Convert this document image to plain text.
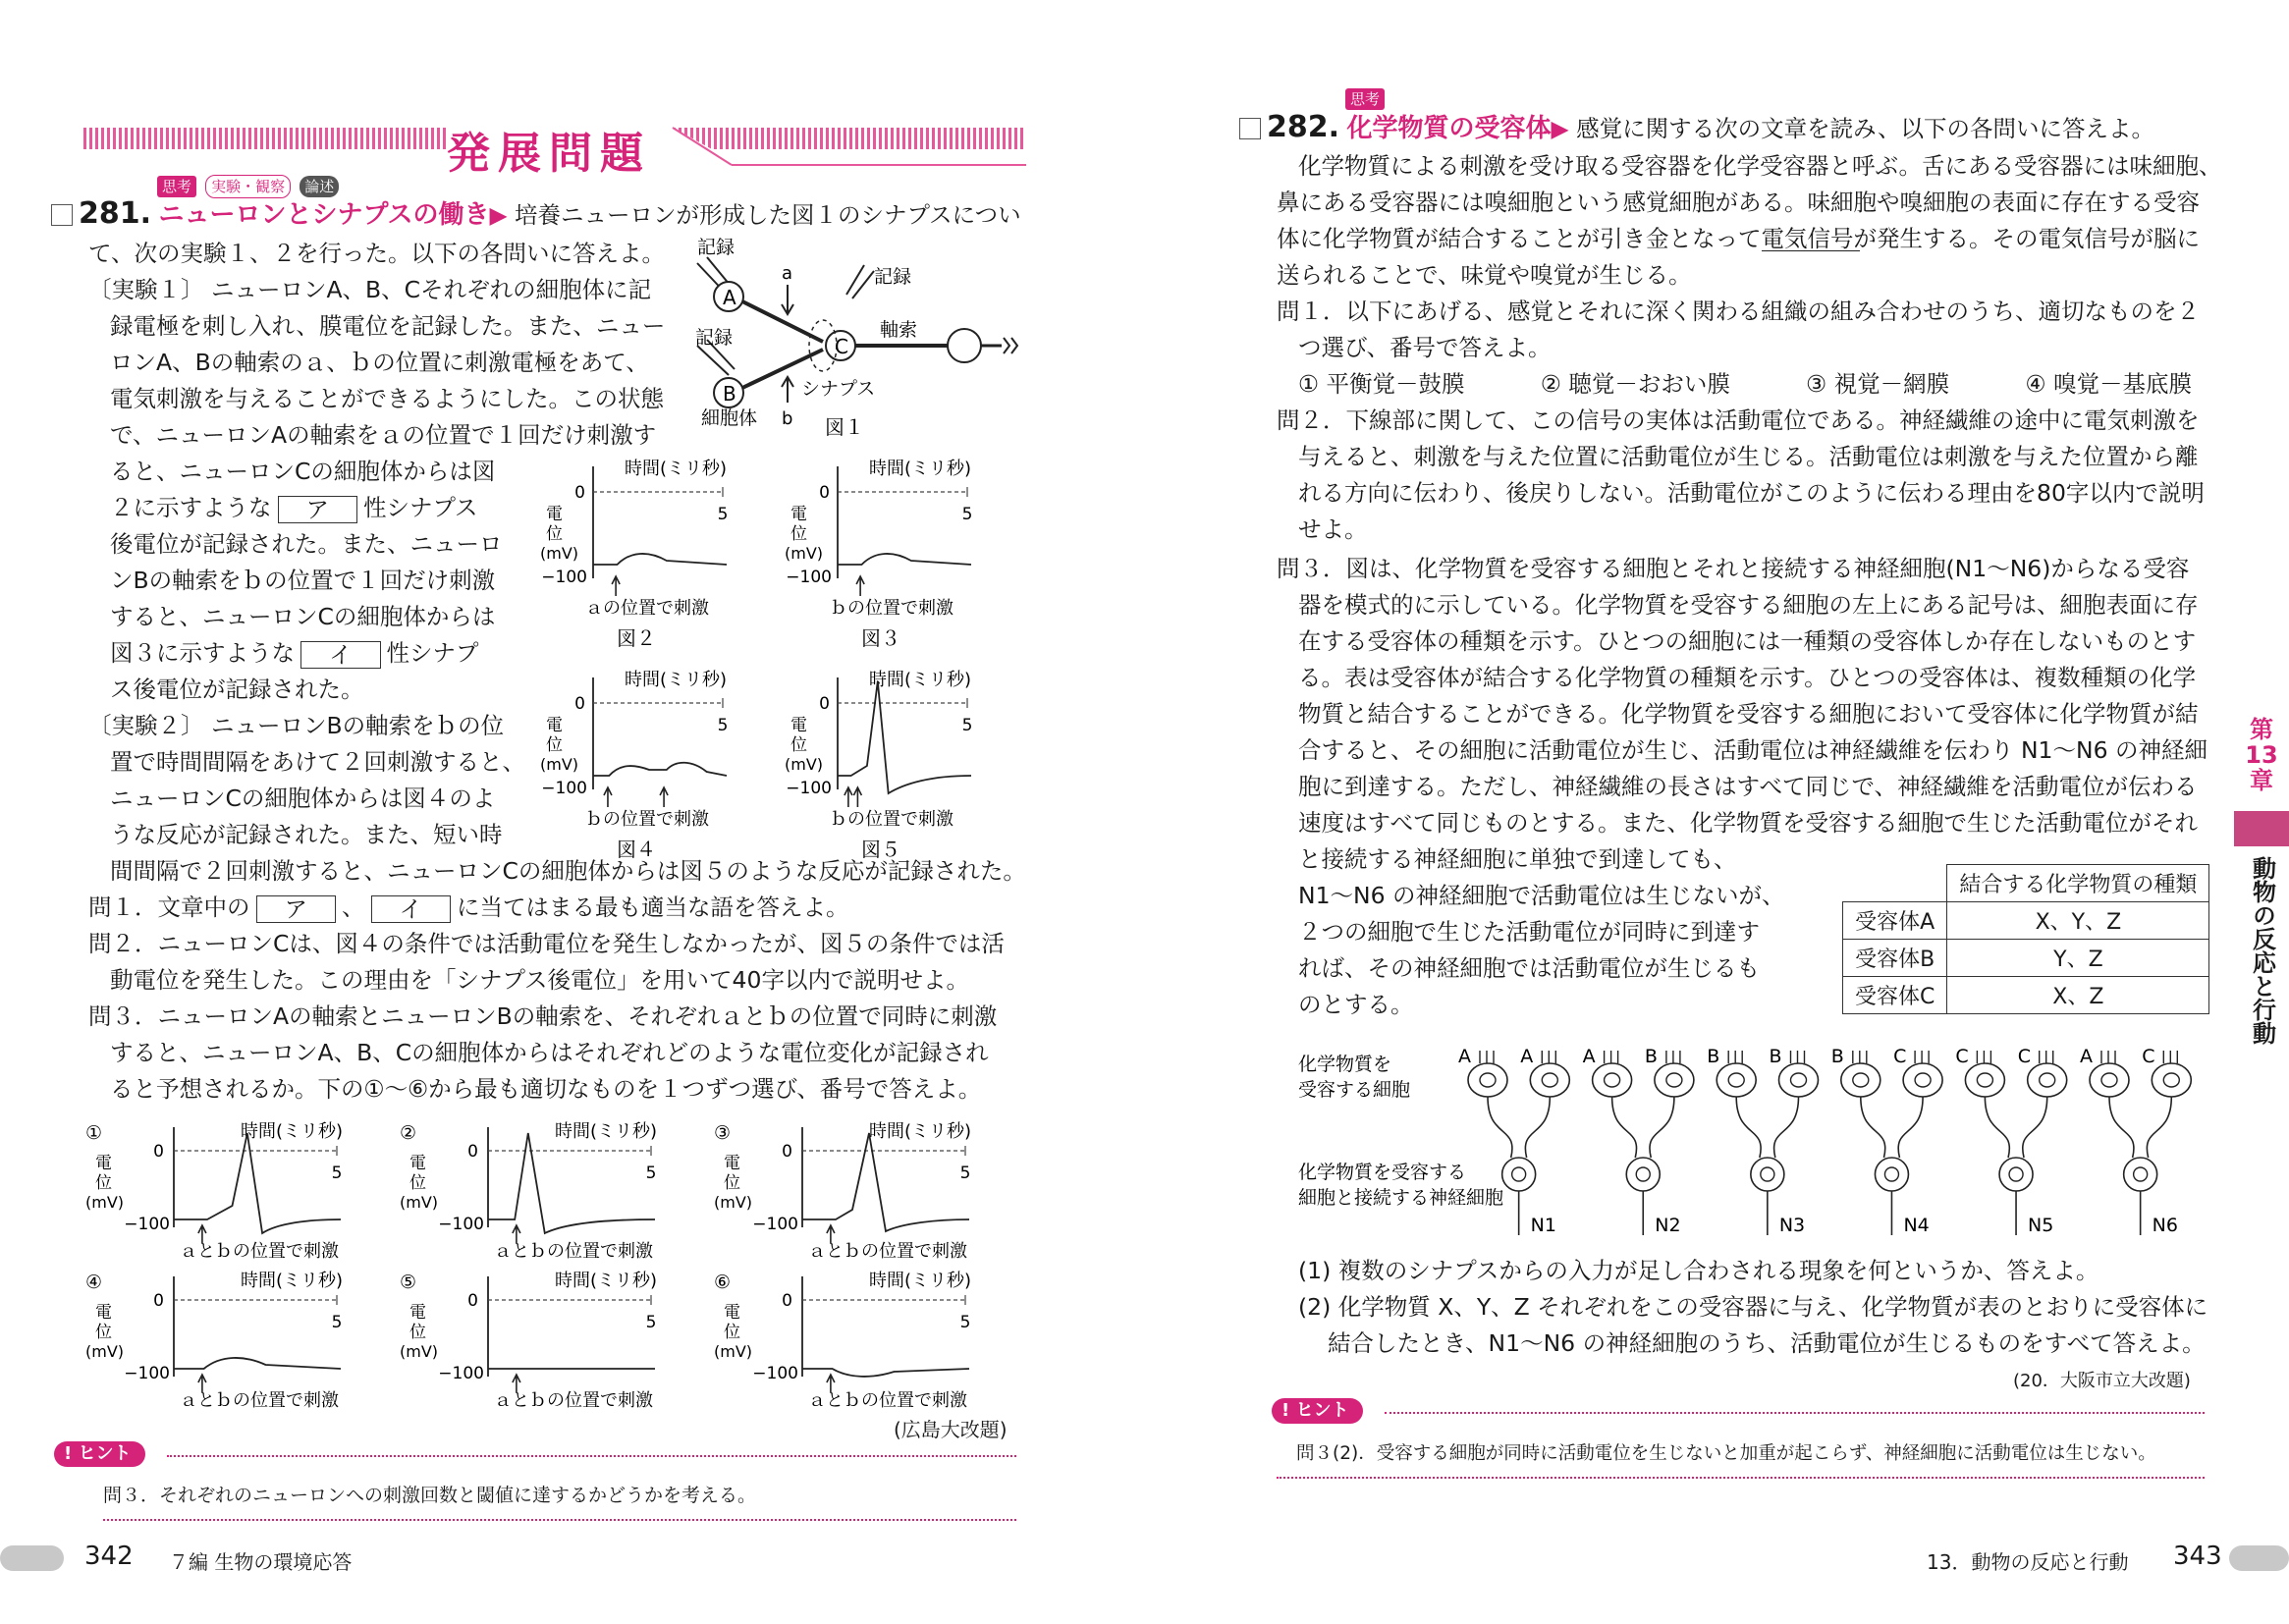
発展問題
思考 実験・観察 論述
281. ニューロンとシナプスの働き▶ 培養ニューロンが形成した図１のシナプスについ
て、次の実験１、２を行った。以下の各問いに答えよ。
〔実験１〕 ニューロンA、B、Cそれぞれの細胞体に記
録電極を刺し入れ、膜電位を記録した。また、ニュー
ロンA、Bの軸索のａ、ｂの位置に刺激電極をあて、
電気刺激を与えることができるようにした。この状態
で、ニューロンAの軸索をａの位置で１回だけ刺激す
ると、ニューロンCの細胞体からは図
２に示すような ア 性シナプス
後電位が記録された。また、ニューロ
ンBの軸索をｂの位置で１回だけ刺激
すると、ニューロンCの細胞体からは
図３に示すような イ 性シナプ
ス後電位が記録された。
〔実験２〕 ニューロンBの軸索をｂの位
置で時間間隔をあけて２回刺激すると、
ニューロンCの細胞体からは図４のよ
うな反応が記録された。また、短い時
間間隔で２回刺激すると、ニューロンCの細胞体からは図５のような反応が記録された。
問１．文章中の ア 、 イ に当てはまる最も適当な語を答えよ。
問２．ニューロンCは、図４の条件では活動電位を発生しなかったが、図５の条件では活
動電位を発生した。この理由を「シナプス後電位」を用いて40字以内で説明せよ。
問３．ニューロンAの軸索とニューロンBの軸索を、それぞれａとｂの位置で同時に刺激
すると、ニューロンA、B、Cの細胞体からはそれぞれどのような電位変化が記録され
ると予想されるか。下の①～⑥から最も適切なものを１つずつ選び、番号で答えよ。
A
B
C
記録
記録
記録
a
b
軸索
シナプス
細胞体	図１
時間(ミリ秒)
0
5
電
位
(mV)
−100
ａの位置で刺激
図２
時間(ミリ秒)
0
5
電
位
(mV)
−100
ｂの位置で刺激
図３
時間(ミリ秒)
0
5
電
位
(mV)
−100
ｂの位置で刺激
図４
時間(ミリ秒)
0
5
電
位
(mV)
−100
ｂの位置で刺激
図５
①	時間(ミリ秒)
0
5
電
位
(mV)
−100
ａとｂの位置で刺激
②	時間(ミリ秒)
0
5
電
位
(mV)
−100
ａとｂの位置で刺激
③	時間(ミリ秒)
0
5
電
位
(mV)
−100
ａとｂの位置で刺激
④	時間(ミリ秒)
0
5
電
位
(mV)
−100
ａとｂの位置で刺激
⑤	時間(ミリ秒)
0
5
電
位
(mV)
−100
ａとｂの位置で刺激
⑥	時間(ミリ秒)
0
5
電
位
(mV)
−100
ａとｂの位置で刺激
(広島大改題)
! ヒント
問３．それぞれのニューロンへの刺激回数と閾値に達するかどうかを考える。
342 ７編 生物の環境応答
思考
282. 化学物質の受容体▶ 感覚に関する次の文章を読み、以下の各問いに答えよ。
化学物質による刺激を受け取る受容器を化学受容器と呼ぶ。舌にある受容器には味細胞、
鼻にある受容器には嗅細胞という感覚細胞がある。味細胞や嗅細胞の表面に存在する受容
体に化学物質が結合することが引き金となって電気信号が発生する。その電気信号が脳に
送られることで、味覚や嗅覚が生じる。
問１．以下にあげる、感覚とそれに深く関わる組織の組み合わせのうち、適切なものを２
つ選び、番号で答えよ。
① 平衡覚－鼓膜	② 聴覚－おおい膜	③ 視覚－網膜	④ 嗅覚－基底膜
問２．下線部に関して、この信号の実体は活動電位である。神経繊維の途中に電気刺激を
与えると、刺激を与えた位置に活動電位が生じる。活動電位は刺激を与えた位置から離
れる方向に伝わり、後戻りしない。活動電位がこのように伝わる理由を80字以内で説明
せよ。
問３．図は、化学物質を受容する細胞とそれと接続する神経細胞(N1～N6)からなる受容
器を模式的に示している。化学物質を受容する細胞の左上にある記号は、細胞表面に存
在する受容体の種類を示す。ひとつの細胞には一種類の受容体しか存在しないものとす
る。表は受容体が結合する化学物質の種類を示す。ひとつの受容体は、複数種類の化学
物質と結合することができる。化学物質を受容する細胞において受容体に化学物質が結
合すると、その細胞に活動電位が生じ、活動電位は神経繊維を伝わり N1～N6 の神経細
胞に到達する。ただし、神経繊維の長さはすべて同じで、神経繊維を活動電位が伝わる
速度はすべて同じものとする。また、化学物質を受容する細胞で生じた活動電位がそれ
と接続する神経細胞に単独で到達しても、
N1～N6 の神経細胞で活動電位は生じないが、
２つの細胞で生じた活動電位が同時に到達す
れば、その神経細胞では活動電位が生じるも
のとする。
	結合する化学物質の種類
受容体A	X、Y、Z
受容体B	Y、Z
受容体C	X、Z
化学物質を
受容する細胞
化学物質を受容する
細胞と接続する神経細胞
A	A	A	B	B	B	B	C	C	C	A	C
N1	N2	N3	N4	N5	N6
(1) 複数のシナプスからの入力が足し合わされる現象を何というか、答えよ。
(2) 化学物質 X、Y、Z それぞれをこの受容器に与え、化学物質が表のとおりに受容体に
結合したとき、N1～N6 の神経細胞のうち、活動電位が生じるものをすべて答えよ。
(20．大阪市立大改題)
! ヒント
問３(2)．受容する細胞が同時に活動電位を生じないと加重が起こらず、神経細胞に活動電位は生じない。
第
13
章
動物の反応と行動
13．動物の反応と行動 343
